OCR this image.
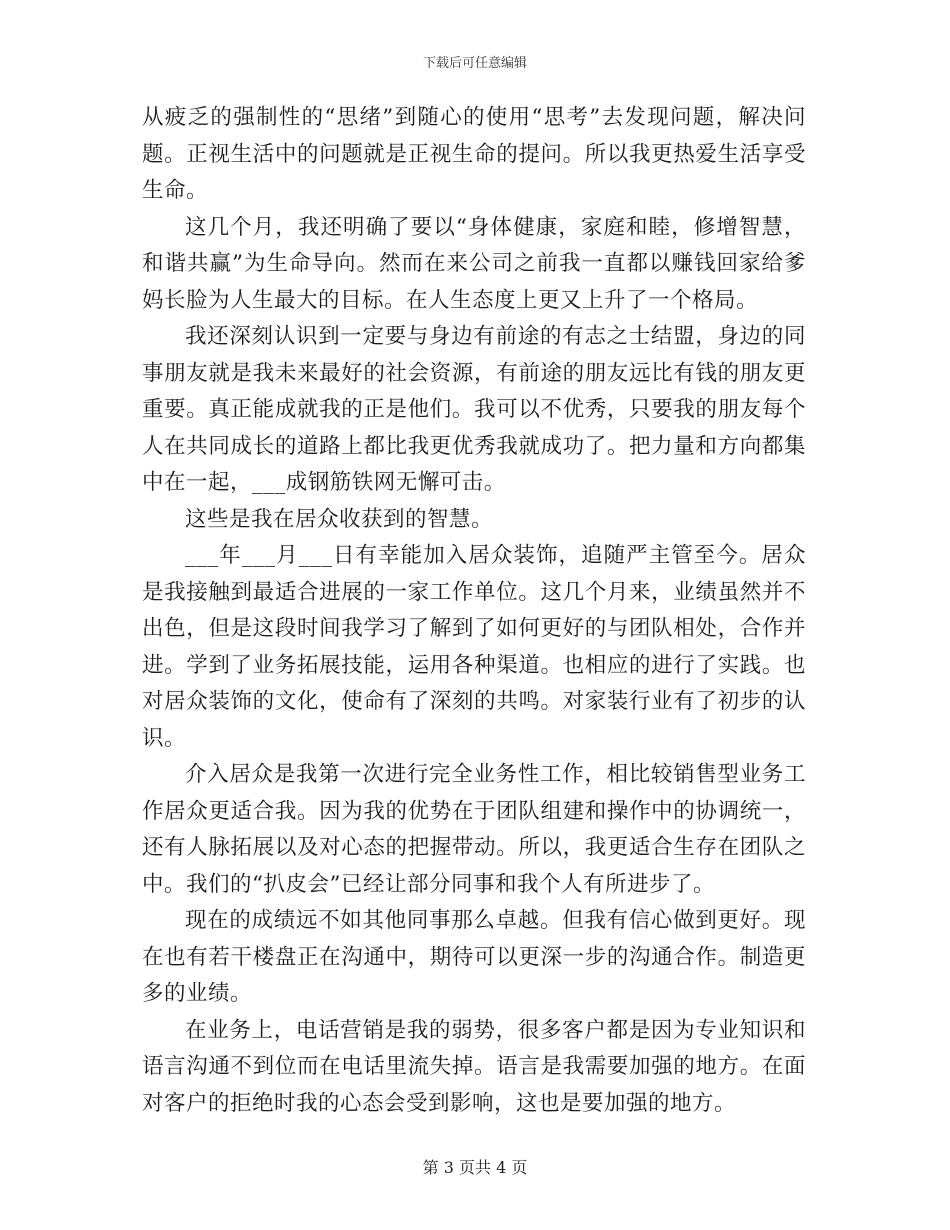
下载后可任意编辑

从疲乏的强制性的“思绪”到随心的使用“思考”去发现问题，解决问题。正视生活中的问题就是正视生命的提问。所以我更热爱生活享受生命。

这几个月，我还明确了要以“身体健康，家庭和睦，修增智慧，和谐共赢”为生命导向。然而在来公司之前我一直都以赚钱回家给爹妈长脸为人生最大的目标。在人生态度上更又上升了一个格局。

我还深刻认识到一定要与身边有前途的有志之士结盟，身边的同事朋友就是我未来最好的社会资源，有前途的朋友远比有钱的朋友更重要。真正能成就我的正是他们。我可以不优秀，只要我的朋友每个人在共同成长的道路上都比我更优秀我就成功了。把力量和方向都集中在一起，___成钢筋铁网无懈可击。

这些是我在居众收获到的智慧。

___年___月___日有幸能加入居众装饰，追随严主管至今。居众是我接触到最适合进展的一家工作单位。这几个月来，业绩虽然并不出色，但是这段时间我学习了解到了如何更好的与团队相处，合作并进。学到了业务拓展技能，运用各种渠道。也相应的进行了实践。也对居众装饰的文化，使命有了深刻的共鸣。对家装行业有了初步的认识。

介入居众是我第一次进行完全业务性工作，相比较销售型业务工作居众更适合我。因为我的优势在于团队组建和操作中的协调统一，还有人脉拓展以及对心态的把握带动。所以，我更适合生存在团队之中。我们的“扒皮会”已经让部分同事和我个人有所进步了。

现在的成绩远不如其他同事那么卓越。但我有信心做到更好。现在也有若干楼盘正在沟通中，期待可以更深一步的沟通合作。制造更多的业绩。

在业务上，电话营销是我的弱势，很多客户都是因为专业知识和语言沟通不到位而在电话里流失掉。语言是我需要加强的地方。在面对客户的拒绝时我的心态会受到影响，这也是要加强的地方。

第 3 页共 4 页
